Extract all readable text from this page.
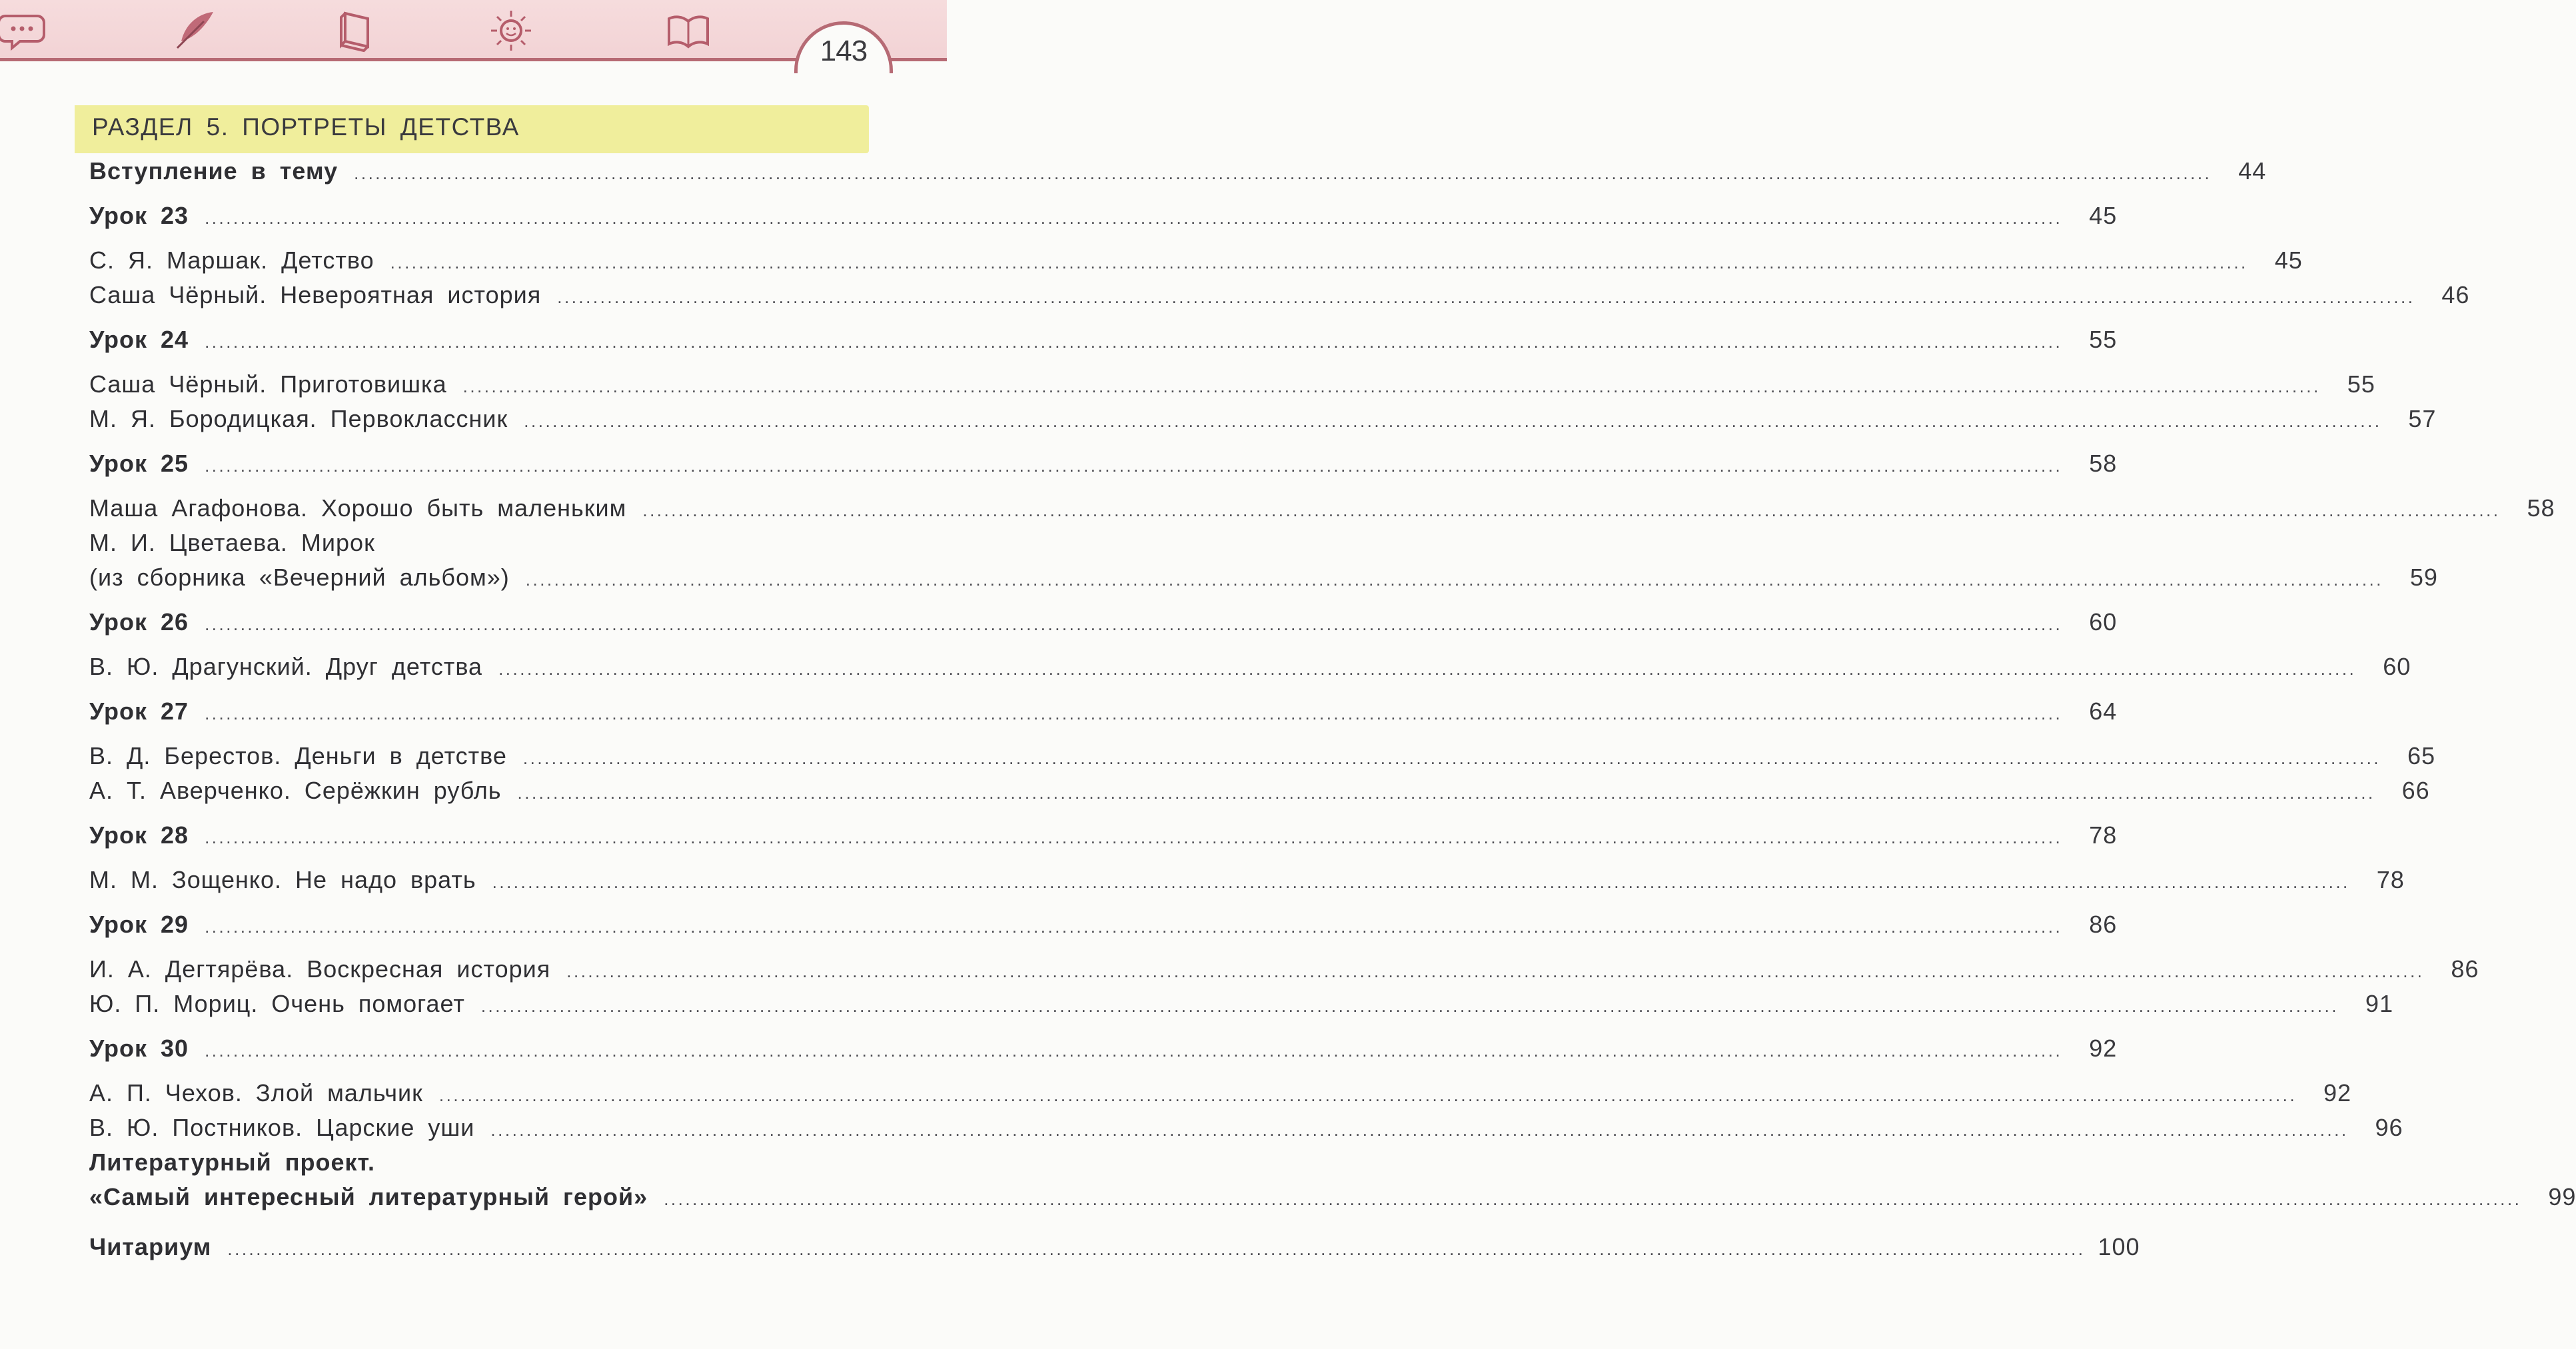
143
РАЗДЕЛ 5. ПОРТРЕТЫ ДЕТСТВА
Вступление в тему ....................................................................................................................................................................................................................................................................	44
Урок 23 ....................................................................................................................................................................................................................................................................	45
С. Я. Маршак. Детство ....................................................................................................................................................................................................................................................................	45
Саша Чёрный. Невероятная история ....................................................................................................................................................................................................................................................................	46
Урок 24 ....................................................................................................................................................................................................................................................................	55
Саша Чёрный. Приготовишка ....................................................................................................................................................................................................................................................................	55
М. Я. Бородицкая. Первоклассник ....................................................................................................................................................................................................................................................................	57
Урок 25 ....................................................................................................................................................................................................................................................................	58
Маша Агафонова. Хорошо быть маленьким ....................................................................................................................................................................................................................................................................	58
М. И. Цветаева. Мирок
(из сборника «Вечерний альбом») ....................................................................................................................................................................................................................................................................	59
Урок 26 ....................................................................................................................................................................................................................................................................	60
В. Ю. Драгунский. Друг детства ....................................................................................................................................................................................................................................................................	60
Урок 27 ....................................................................................................................................................................................................................................................................	64
В. Д. Берестов. Деньги в детстве ....................................................................................................................................................................................................................................................................	65
А. Т. Аверченко. Серёжкин рубль ....................................................................................................................................................................................................................................................................	66
Урок 28 ....................................................................................................................................................................................................................................................................	78
М. М. Зощенко. Не надо врать ....................................................................................................................................................................................................................................................................	78
Урок 29 ....................................................................................................................................................................................................................................................................	86
И. А. Дегтярёва. Воскресная история ....................................................................................................................................................................................................................................................................	86
Ю. П. Мориц. Очень помогает ....................................................................................................................................................................................................................................................................	91
Урок 30 ....................................................................................................................................................................................................................................................................	92
А. П. Чехов. Злой мальчик ....................................................................................................................................................................................................................................................................	92
В. Ю. Постников. Царские уши ....................................................................................................................................................................................................................................................................	96
Литературный проект.
«Самый интересный литературный герой» ....................................................................................................................................................................................................................................................................	99
Читариум .................................................................................................................................................................................................................................................................... 100
